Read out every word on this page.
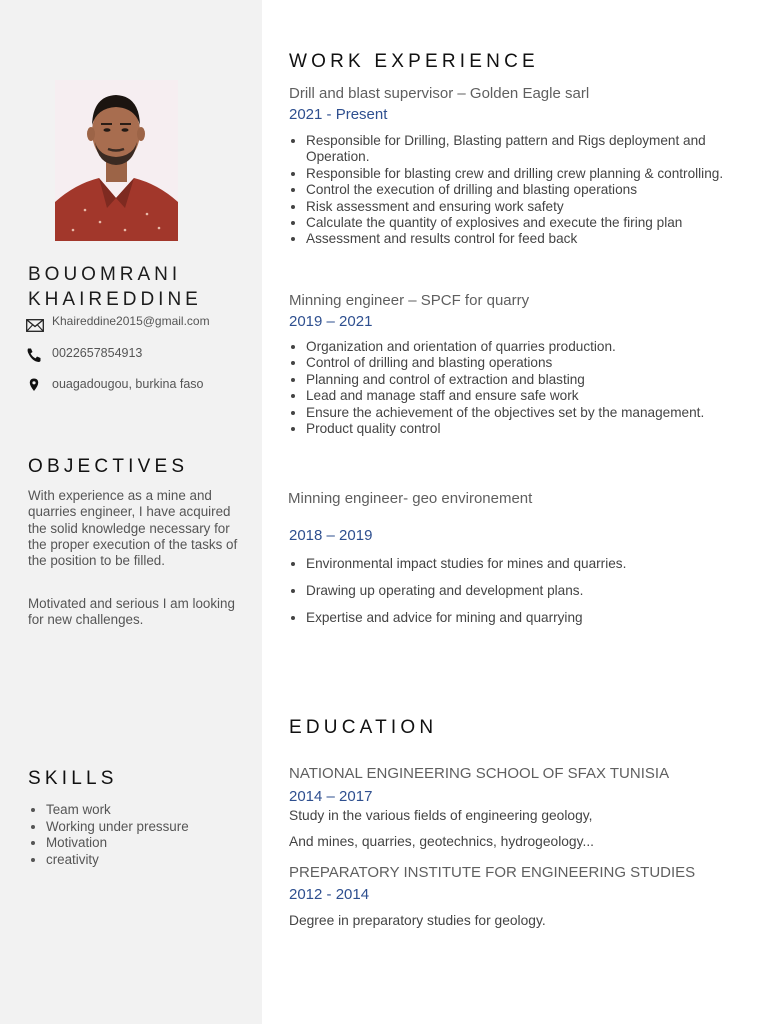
BOUOMRANI
KHAIREDDINE
Khaireddine2015@gmail.com
0022657854913
ouagadougou, burkina faso
OBJECTIVES
With experience as a mine and quarries engineer, I have acquired the solid knowledge necessary for the proper execution of the tasks of the position to be filled.
Motivated and serious I am looking for new challenges.
SKILLS
• Team work
• Working under pressure
• Motivation
• creativity
WORK EXPERIENCE
Drill and blast supervisor – Golden Eagle sarl
2021 - Present
• Responsible for Drilling, Blasting pattern and Rigs deployment and Operation.
• Responsible for blasting crew and drilling crew planning & controlling.
• Control the execution of drilling and blasting operations
• Risk assessment and ensuring work safety
• Calculate the quantity of explosives and execute the firing plan
• Assessment and results control for feed back
Minning engineer – SPCF for quarry
2019 – 2021
• Organization and orientation of quarries production.
• Control of drilling and blasting operations
• Planning and control of extraction and blasting
• Lead and manage staff and ensure safe work
• Ensure the achievement of the objectives set by the management.
• Product quality control
Minning engineer- geo environement
2018 – 2019
• Environmental impact studies for mines and quarries.
• Drawing up operating and development plans.
• Expertise and advice for mining and quarrying
EDUCATION
NATIONAL ENGINEERING SCHOOL OF SFAX TUNISIA
2014 – 2017
Study in the various fields of engineering geology,
And mines, quarries, geotechnics, hydrogeology...
PREPARATORY INSTITUTE FOR ENGINEERING STUDIES
2012 - 2014
Degree in preparatory studies for geology.
